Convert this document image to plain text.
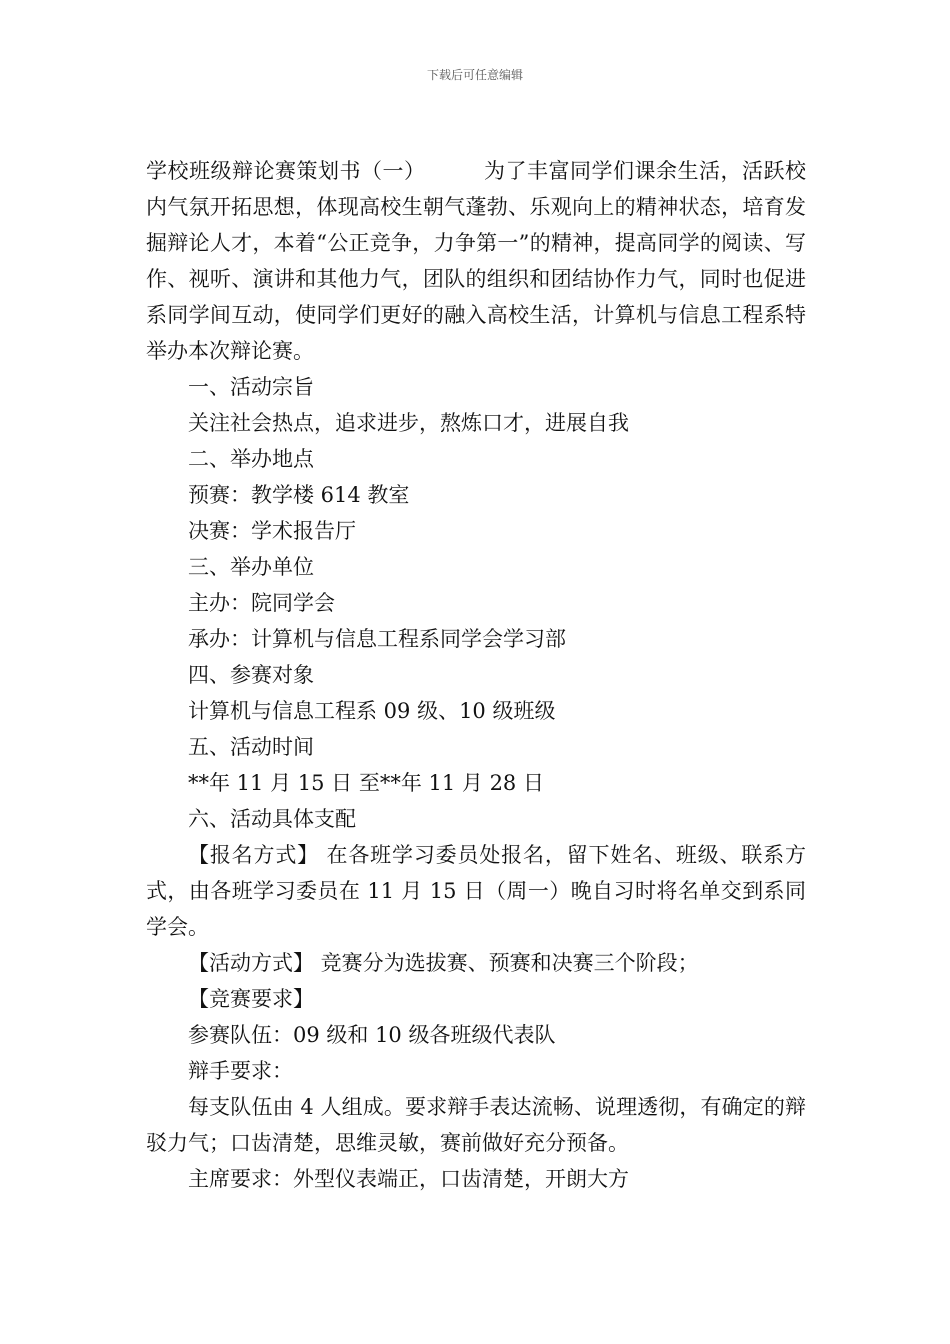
下载后可任意编辑

学校班级辩论赛策划书（一）	为了丰富同学们课余生活，活跃校内气氛开拓思想，体现高校生朝气蓬勃、乐观向上的精神状态，培育发掘辩论人才，本着“公正竞争，力争第一”的精神，提高同学的阅读、写作、视听、演讲和其他力气，团队的组织和团结协作力气，同时也促进系同学间互动，使同学们更好的融入高校生活，计算机与信息工程系特举办本次辩论赛。

一、活动宗旨

关注社会热点，追求进步，熬炼口才，进展自我

二、举办地点

预赛：教学楼 614 教室

决赛：学术报告厅

三、举办单位

主办：院同学会

承办：计算机与信息工程系同学会学习部

四、参赛对象

计算机与信息工程系 09 级、10 级班级

五、活动时间

**年 11 月 15 日 至**年 11 月 28 日

六、活动具体支配

【报名方式】 在各班学习委员处报名，留下姓名、班级、联系方式，由各班学习委员在 11 月 15 日（周一）晚自习时将名单交到系同学会。

【活动方式】 竞赛分为选拔赛、预赛和决赛三个阶段；

【竞赛要求】

参赛队伍：09 级和 10 级各班级代表队

辩手要求：

每支队伍由 4 人组成。要求辩手表达流畅、说理透彻，有确定的辩驳力气；口齿清楚，思维灵敏，赛前做好充分预备。

主席要求：外型仪表端正，口齿清楚，开朗大方
